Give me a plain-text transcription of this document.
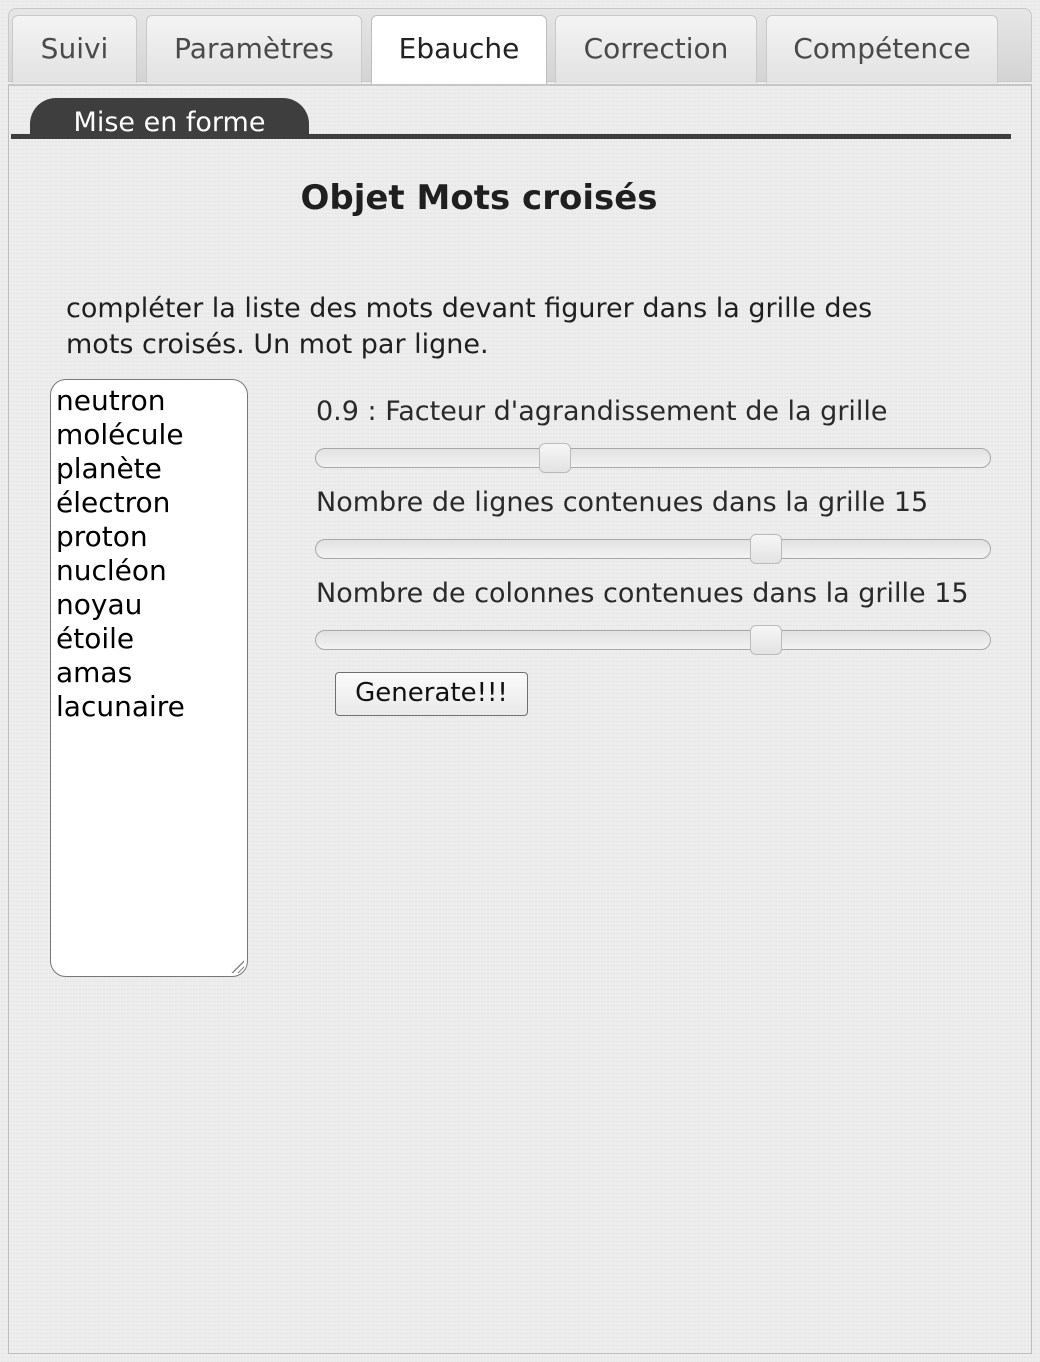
Suivi	Paramètres	Ebauche	Correction	Compétence
Mise en forme
Objet Mots croisés
compléter la liste des mots devant figurer dans la grille des mots croisés. Un mot par ligne.
neutron
molécule
planète
électron
proton
nucléon
noyau
étoile
amas
lacunaire
0.9 : Facteur d'agrandissement de la grille
Nombre de lignes contenues dans la grille 15
Nombre de colonnes contenues dans la grille 15
Generate!!!
